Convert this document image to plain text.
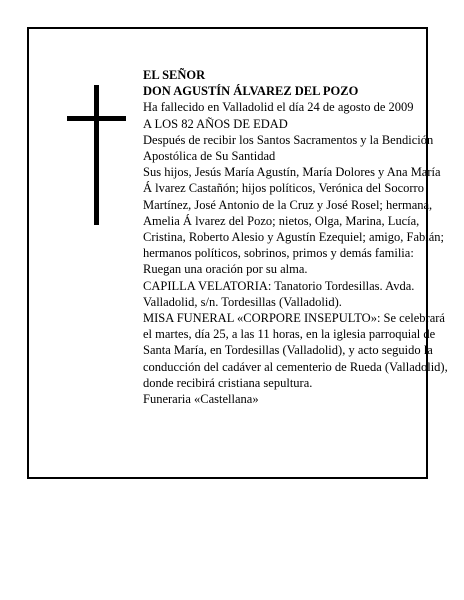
EL SEÑOR

DON AGUSTÍN ÁLVAREZ DEL POZO

Ha fallecido en Valladolid el día 24 de agosto de 2009

A LOS 82 AÑOS DE EDAD

Después de recibir los Santos Sacramentos y la Bendición Apostólica de Su Santidad

Sus hijos, Jesús María Agustín, María Dolores y Ana María Á lvarez Castañón; hijos políticos, Verónica del Socorro Martínez, José Antonio de la Cruz y José Rosel; hermana, Amelia Á lvarez del Pozo; nietos, Olga, Marina, Lucía, Cristina, Roberto Alesio y Agustín Ezequiel; amigo, Fabián; hermanos políticos, sobrinos, primos y demás familia:

Ruegan una oración por su alma.

CAPILLA VELATORIA: Tanatorio Tordesillas. Avda. Valladolid, s/n. Tordesillas (Valladolid).

MISA FUNERAL «CORPORE INSEPULTO»: Se celebrará el martes, día 25, a las 11 horas, en la iglesia parroquial de Santa María, en Tordesillas (Valladolid), y acto seguido la conducción del cadáver al cementerio de Rueda (Valladolid), donde recibirá cristiana sepultura.

Funeraria «Castellana»
